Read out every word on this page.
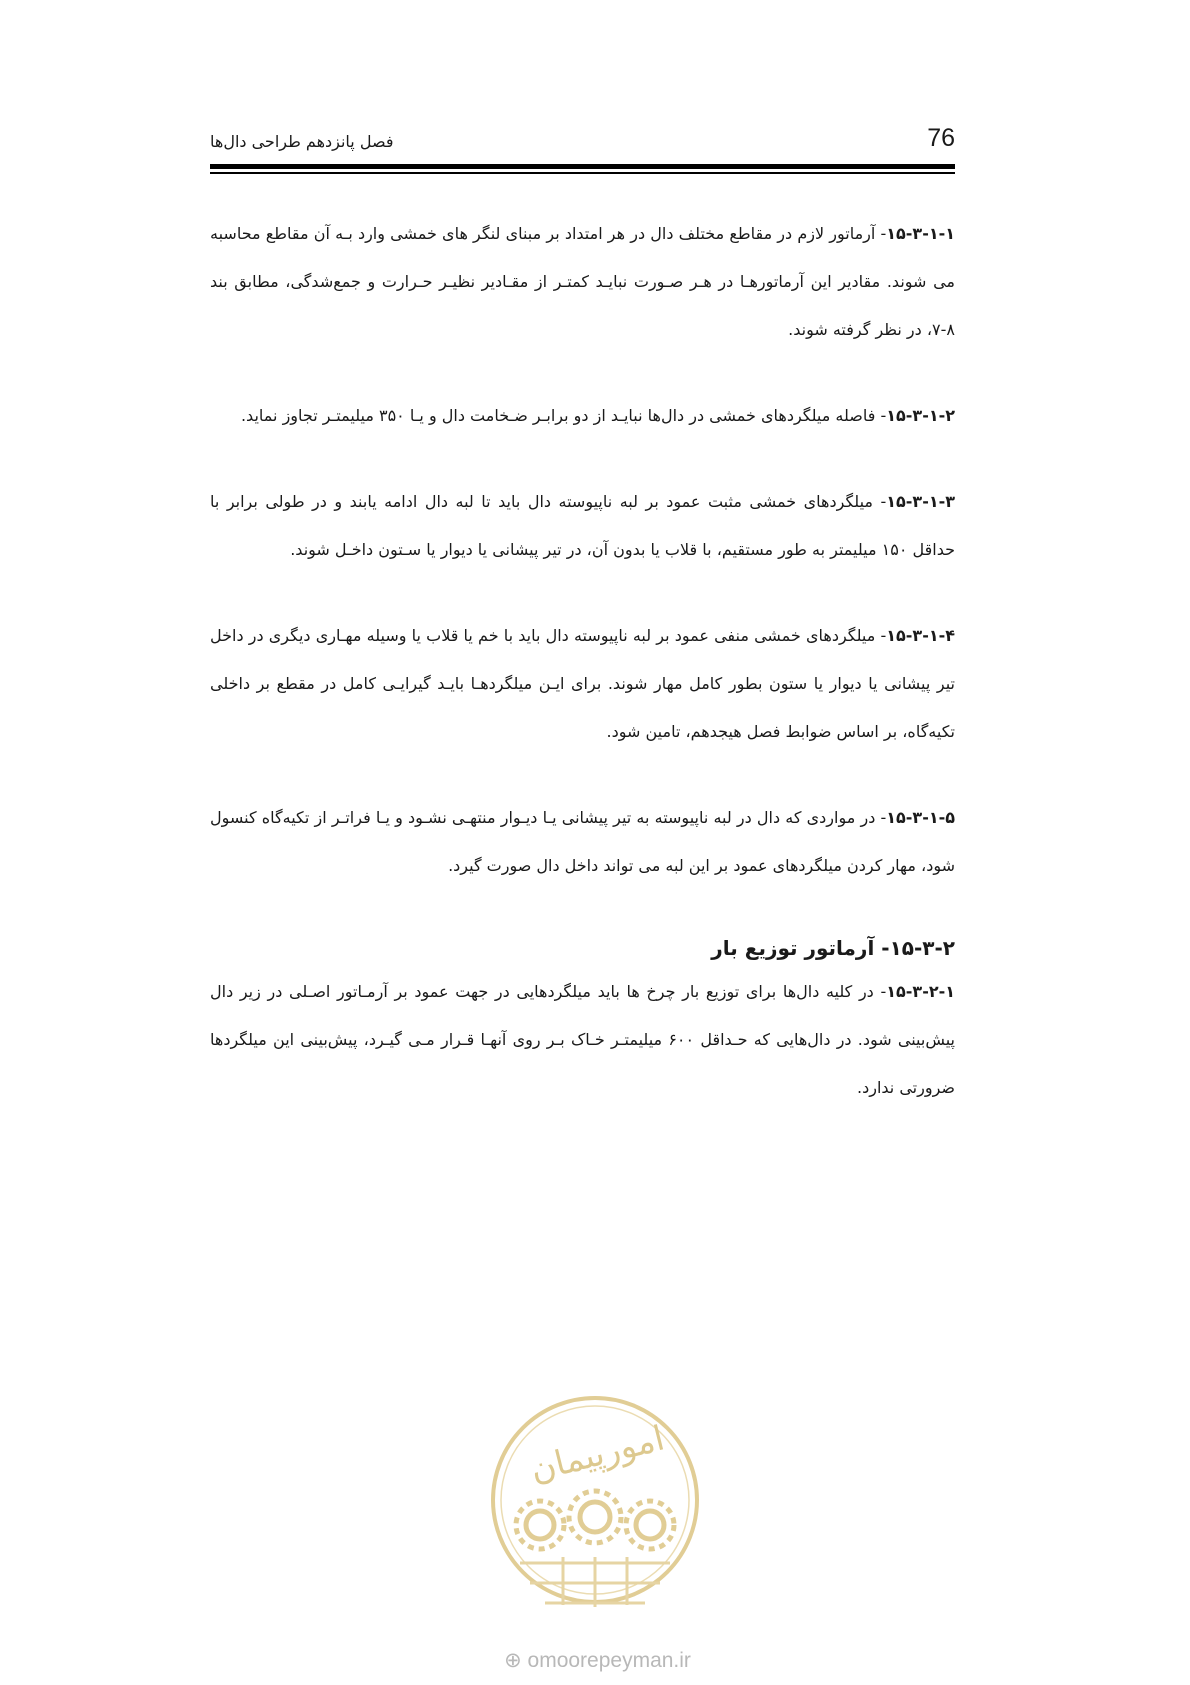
76
فصل پانزدهم طراحی دال‌ها

۱۵-۳-۱-۱- آرماتور لازم در مقاطع مختلف دال در هر امتداد بر مبنای لنگر های خمشی وارد بـه آن مقاطع محاسبه می شوند. مقادیر این آرماتورهـا در هـر صـورت نبایـد کمتـر از مقـادیر نظیـر حـرارت و جمع‌شدگی، مطابق بند ۸-۷، در نظر گرفته شوند.

۱۵-۳-۱-۲- فاصله میلگردهای خمشی در دال‌ها نبایـد از دو برابـر ضـخامت دال و یـا ۳۵۰ میلیمتـر تجاوز نماید.

۱۵-۳-۱-۳- میلگردهای خمشی مثبت عمود بر لبه ناپیوسته دال باید تا لبه دال ادامه یابند و در طولی برابر با حداقل ۱۵۰ میلیمتر به طور مستقیم، با قلاب یا بدون آن، در تیر پیشانی یا دیوار یا سـتون داخـل شوند.

۱۵-۳-۱-۴- میلگردهای خمشی منفی عمود بر لبه ناپیوسته دال باید با خم یا قلاب یا وسیله مهـاری دیگری در داخل تیر پیشانی یا دیوار یا ستون بطور کامل مهار شوند. برای ایـن میلگردهـا بایـد گیرایـی کامل در مقطع بر داخلی تکیه‌گاه، بر اساس ضوابط فصل هیجدهم، تامین شود.

۱۵-۳-۱-۵- در مواردی که دال در لبه ناپیوسته به تیر پیشانی یـا دیـوار منتهـی نشـود و یـا فراتـر از تکیه‌گاه کنسول شود، مهار کردن میلگردهای عمود بر این لبه می تواند داخل دال صورت گیرد.

۱۵-۳-۲- آرماتور توزیع بار

۱۵-۳-۲-۱- در کلیه دال‌ها برای توزیع بار چرخ ها باید میلگردهایی در جهت عمود بر آرمـاتور اصـلی در زیر دال پیش‌بینی شود. در دال‌هایی که حـداقل ۶۰۰ میلیمتـر خـاک بـر روی آنهـا قـرار مـی گیـرد، پیش‌بینی این میلگردها ضرورتی ندارد.

امورپیمان
⊕ omoorepeyman.ir
